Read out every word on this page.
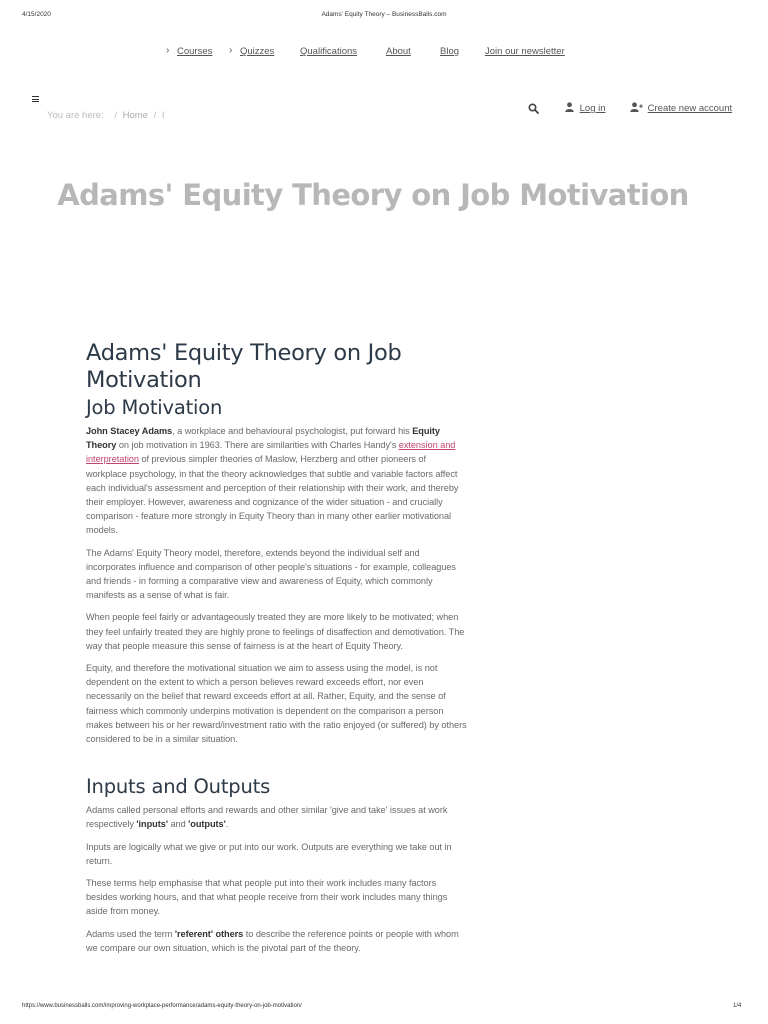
4/15/2020	Adams' Equity Theory – BusinessBalls.com
› Courses › Quizzes	Qualifications	About	Blog	Join our newsletter
You are here: / Home / I
Log in	Create new account
Adams' Equity Theory on Job Motivation
Adams' Equity Theory on Job Motivation
Job Motivation

John Stacey Adams, a workplace and behavioural psychologist, put forward his Equity Theory on job motivation in 1963. There are similarities with Charles Handy's extension and interpretation of previous simpler theories of Maslow, Herzberg and other pioneers of workplace psychology, in that the theory acknowledges that subtle and variable factors affect each individual's assessment and perception of their relationship with their work, and thereby their employer. However, awareness and cognizance of the wider situation - and crucially comparison - feature more strongly in Equity Theory than in many other earlier motivational models.

The Adams' Equity Theory model, therefore, extends beyond the individual self and incorporates influence and comparison of other people's situations - for example, colleagues and friends - in forming a comparative view and awareness of Equity, which commonly manifests as a sense of what is fair.

When people feel fairly or advantageously treated they are more likely to be motivated; when they feel unfairly treated they are highly prone to feelings of disaffection and demotivation. The way that people measure this sense of fairness is at the heart of Equity Theory.

Equity, and therefore the motivational situation we aim to assess using the model, is not dependent on the extent to which a person believes reward exceeds effort, nor even necessarily on the belief that reward exceeds effort at all. Rather, Equity, and the sense of fairness which commonly underpins motivation is dependent on the comparison a person makes between his or her reward/investment ratio with the ratio enjoyed (or suffered) by others considered to be in a similar situation.

Inputs and Outputs

Adams called personal efforts and rewards and other similar 'give and take' issues at work respectively 'inputs' and 'outputs'.

Inputs are logically what we give or put into our work. Outputs are everything we take out in return.

These terms help emphasise that what people put into their work includes many factors besides working hours, and that what people receive from their work includes many things aside from money.

Adams used the term 'referent' others to describe the reference points or people with whom we compare our own situation, which is the pivotal part of the theory.

https://www.businessballs.com/improving-workplace-performance/adams-equity-theory-on-job-motivation/	1/4
